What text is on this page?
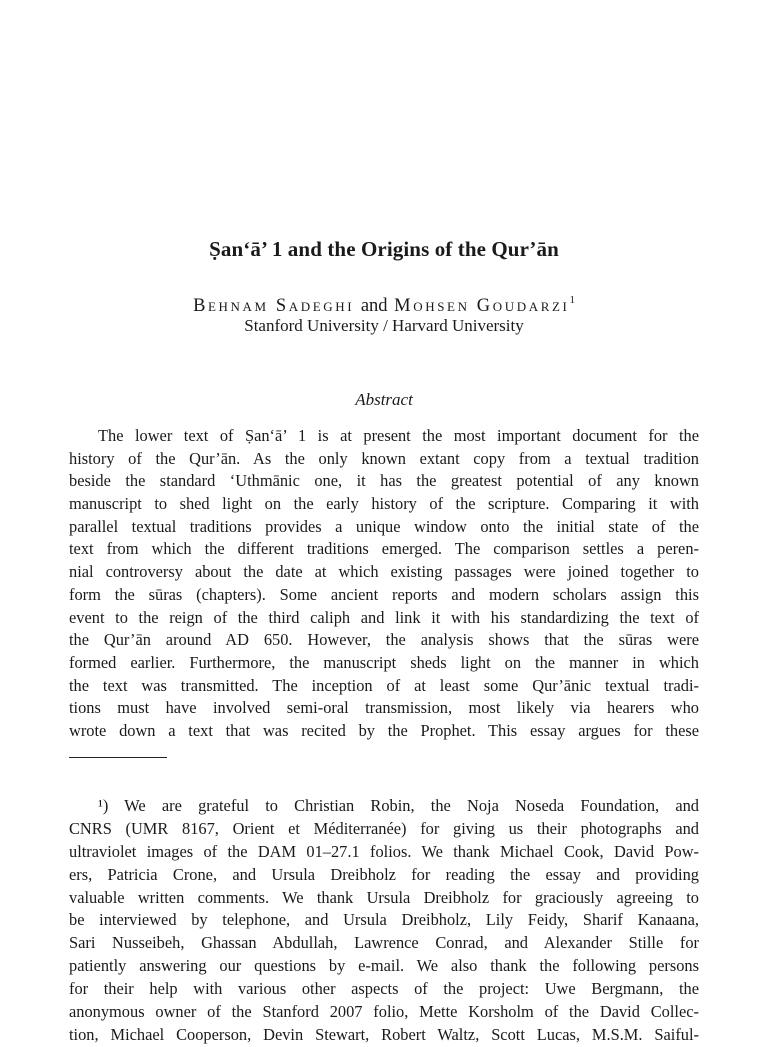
Ṣan‘ā’ 1 and the Origins of the Qur’ān
Behnam Sadeghi and Mohsen Goudarzi$^1$
Stanford University / Harvard University
Abstract
The lower text of Ṣan‘ā’ 1 is at present the most important document for the
history of the Qur’ān. As the only known extant copy from a textual tradition
beside the standard ‘Uthmānic one, it has the greatest potential of any known
manuscript to shed light on the early history of the scripture. Comparing it with
parallel textual traditions provides a unique window onto the initial state of the
text from which the different traditions emerged. The comparison settles a peren-
nial controversy about the date at which existing passages were joined together to
form the sūras (chapters). Some ancient reports and modern scholars assign this
event to the reign of the third caliph and link it with his standardizing the text of
the Qur’ān around AD 650. However, the analysis shows that the sūras were
formed earlier. Furthermore, the manuscript sheds light on the manner in which
the text was transmitted. The inception of at least some Qur’ānic textual tradi-
tions must have involved semi-oral transmission, most likely via hearers who
wrote down a text that was recited by the Prophet. This essay argues for these
¹) We are grateful to Christian Robin, the Noja Noseda Foundation, and
CNRS (UMR 8167, Orient et Méditerranée) for giving us their photographs and
ultraviolet images of the DAM 01–27.1 folios. We thank Michael Cook, David Pow-
ers, Patricia Crone, and Ursula Dreibholz for reading the essay and providing
valuable written comments. We thank Ursula Dreibholz for graciously agreeing to
be interviewed by telephone, and Ursula Dreibholz, Lily Feidy, Sharif Kanaana,
Sari Nusseibeh, Ghassan Abdullah, Lawrence Conrad, and Alexander Stille for
patiently answering our questions by e-mail. We also thank the following persons
for their help with various other aspects of the project: Uwe Bergmann, the
anonymous owner of the Stanford 2007 folio, Mette Korsholm of the David Collec-
tion, Michael Cooperson, Devin Stewart, Robert Waltz, Scott Lucas, M.S.M. Saiful-
